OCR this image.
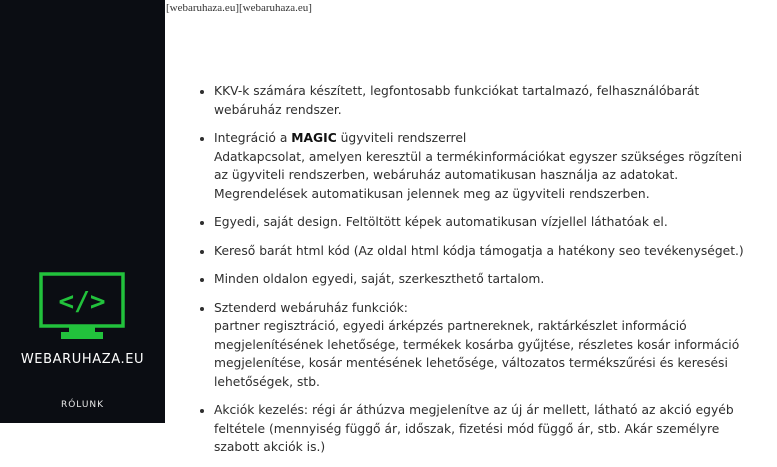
</>
WEBARUHAZA.EU
RÓLUNK
[webaruhaza.eu][webaruhaza.eu]
• KKV-k számára készített, legfontosabb funkciókat tartalmazó, felhasználóbarát webáruház rendszer.
• Integráció a MAGIC ügyviteli rendszerrel
Adatkapcsolat, amelyen keresztül a termékinformációkat egyszer szükséges rögzíteni az ügyviteli rendszerben, webáruház automatikusan használja az adatokat. Megrendelések automatikusan jelennek meg az ügyviteli rendszerben.
• Egyedi, saját design. Feltöltött képek automatikusan vízjellel láthatóak el.
• Kereső barát html kód (Az oldal html kódja támogatja a hatékony seo tevékenységet.)
• Minden oldalon egyedi, saját, szerkeszthető tartalom.
• Sztenderd webáruház funkciók:
partner regisztráció, egyedi árképzés partnereknek, raktárkészlet információ megjelenítésének lehetősége, termékek kosárba gyűjtése, részletes kosár információ megjelenítése, kosár mentésének lehetősége, változatos termékszűrési és keresési lehetőségek, stb.
• Akciók kezelés: régi ár áthúzva megjelenítve az új ár mellett, látható az akció egyéb feltétele (mennyiség függő ár, időszak, fizetési mód függő ár, stb. Akár személyre szabott akciók is.)
